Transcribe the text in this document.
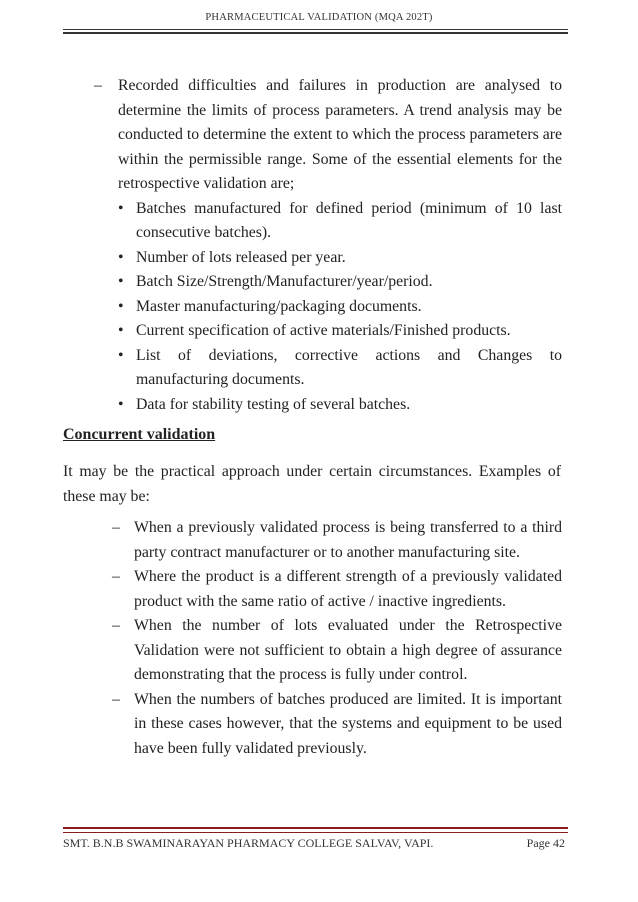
PHARMACEUTICAL VALIDATION (MQA 202T)
– Recorded difficulties and failures in production are analysed to determine the limits of process parameters. A trend analysis may be conducted to determine the extent to which the process parameters are within the permissible range. Some of the essential elements for the retrospective validation are;
• Batches manufactured for defined period (minimum of 10 last consecutive batches).
• Number of lots released per year.
• Batch Size/Strength/Manufacturer/year/period.
• Master manufacturing/packaging documents.
• Current specification of active materials/Finished products.
• List of deviations, corrective actions and Changes to manufacturing documents.
• Data for stability testing of several batches.
Concurrent validation
It may be the practical approach under certain circumstances. Examples of these may be:
– When a previously validated process is being transferred to a third party contract manufacturer or to another manufacturing site.
– Where the product is a different strength of a previously validated product with the same ratio of active / inactive ingredients.
– When the number of lots evaluated under the Retrospective Validation were not sufficient to obtain a high degree of assurance demonstrating that the process is fully under control.
– When the numbers of batches produced are limited. It is important in these cases however, that the systems and equipment to be used have been fully validated previously.
SMT. B.N.B SWAMINARAYAN PHARMACY COLLEGE SALVAV, VAPI.	Page 42
